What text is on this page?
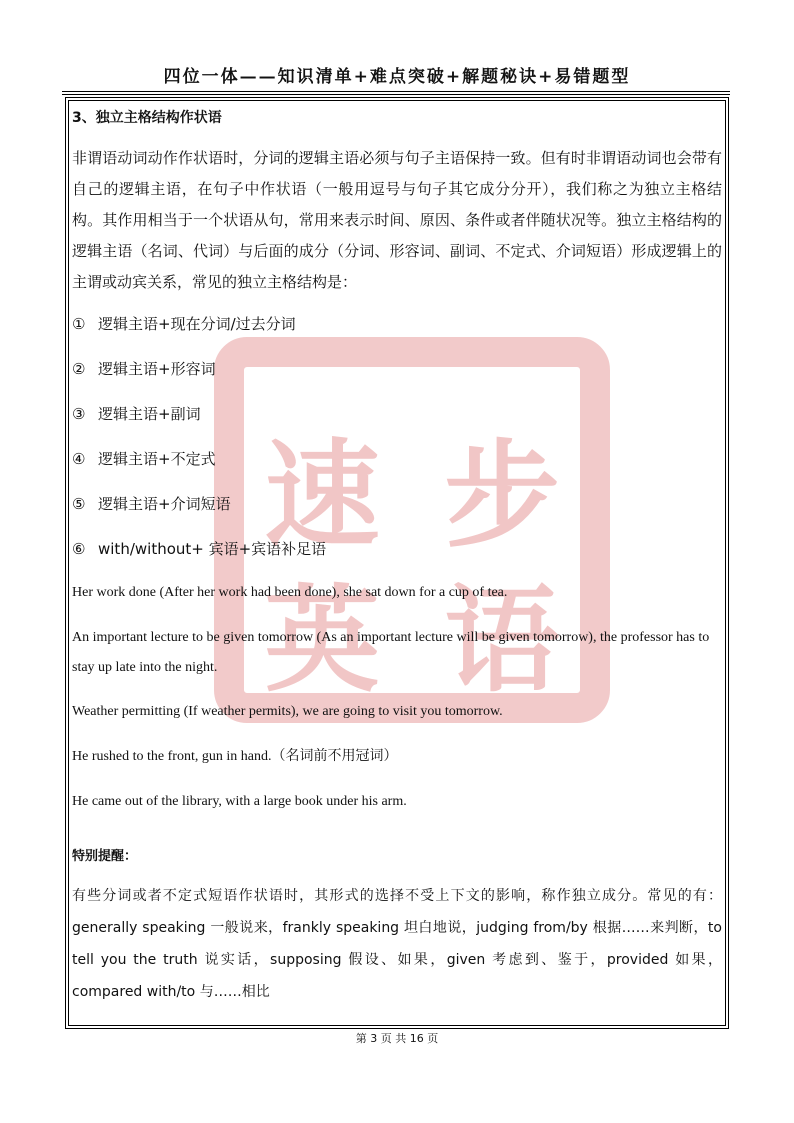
四位一体——知识清单+难点突破+解题秘诀+易错题型
速 步
英 语
3、独立主格结构作状语
非谓语动词动作作状语时，分词的逻辑主语必须与句子主语保持一致。但有时非谓语动词也会带有自己的逻辑主语，在句子中作状语（一般用逗号与句子其它成分分开），我们称之为独立主格结构。其作用相当于一个状语从句，常用来表示时间、原因、条件或者伴随状况等。独立主格结构的逻辑主语（名词、代词）与后面的成分（分词、形容词、副词、不定式、介词短语）形成逻辑上的主谓或动宾关系，常见的独立主格结构是：
① 逻辑主语+现在分词/过去分词
② 逻辑主语+形容词
③ 逻辑主语+副词
④ 逻辑主语+不定式
⑤ 逻辑主语+介词短语
⑥ with/without+ 宾语+宾语补足语
Her work done (After her work had been done), she sat down for a cup of tea.
An important lecture to be given tomorrow (As an important lecture will be given tomorrow), the professor has to stay up late into the night.
Weather permitting (If weather permits), we are going to visit you tomorrow.
He rushed to the front, gun in hand.（名词前不用冠词）
He came out of the library, with a large book under his arm.
特别提醒：
有些分词或者不定式短语作状语时，其形式的选择不受上下文的影响，称作独立成分。常见的有：generally speaking 一般说来，frankly speaking 坦白地说，judging from/by 根据……来判断，to tell you the truth 说实话，supposing 假设、如果，given 考虑到、鉴于，provided 如果，compared with/to 与……相比
第 3 页 共 16 页
